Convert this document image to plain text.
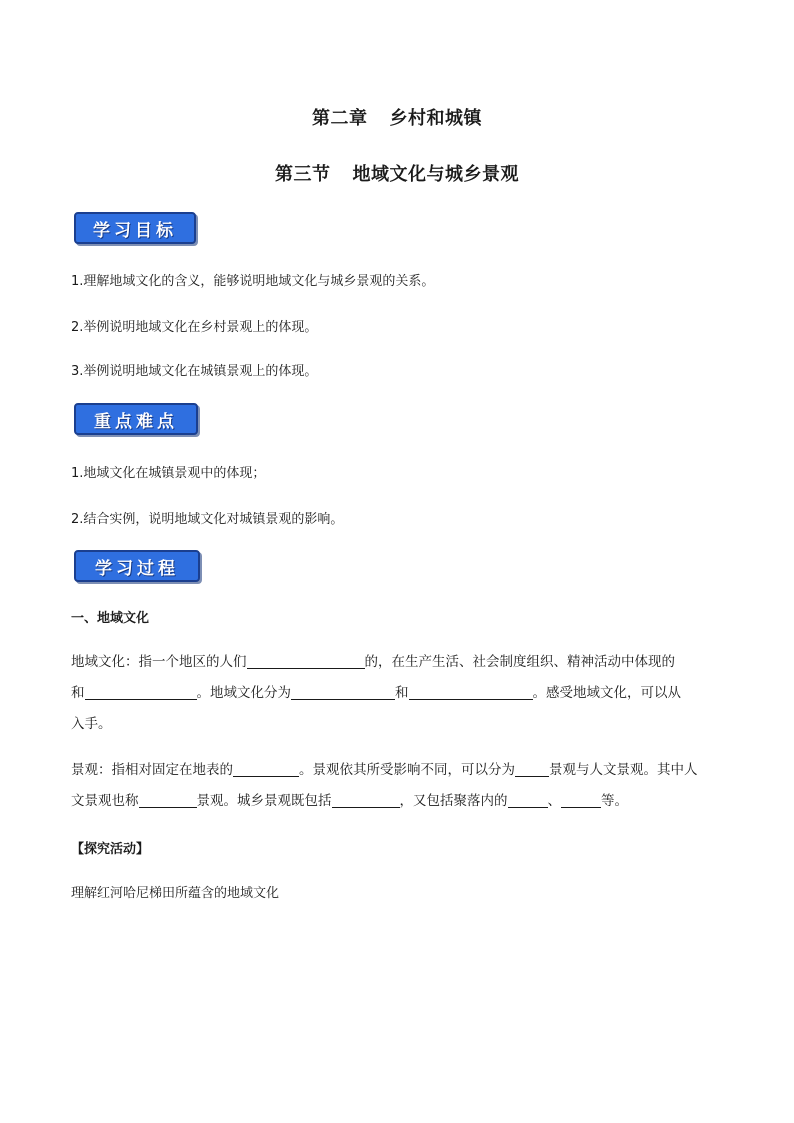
第二章 乡村和城镇
第三节 地域文化与城乡景观
学习目标
1.理解地域文化的含义，能够说明地域文化与城乡景观的关系。
2.举例说明地域文化在乡村景观上的体现。
3.举例说明地域文化在城镇景观上的体现。
重点难点
1.地域文化在城镇景观中的体现；
2.结合实例，说明地域文化对城镇景观的影响。
学习过程
一、地域文化
地域文化：指一个地区的人们	的，在生产生活、社会制度组织、精神活动中体现的
和	。地域文化分为	和	。感受地域文化，可以从
入手。
景观：指相对固定在地表的	。景观依其所受影响不同，可以分为	景观与人文景观。其中人
文景观也称	景观。城乡景观既包括	，又包括聚落内的	、	等。
【探究活动】
理解红河哈尼梯田所蕴含的地域文化
